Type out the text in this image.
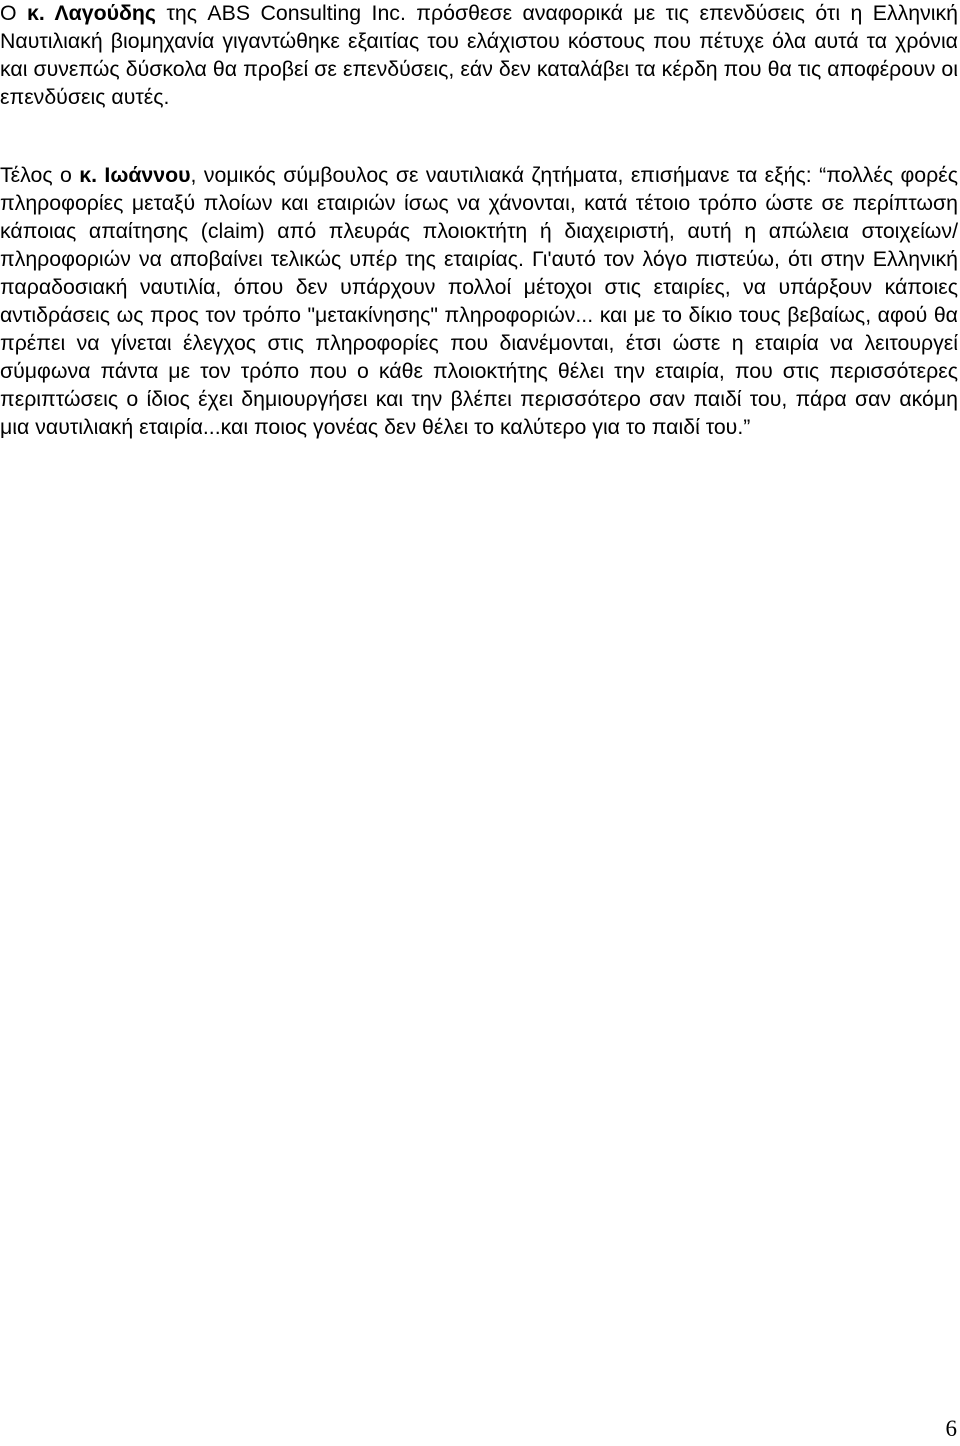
Ο κ. Λαγούδης της ABS Consulting Inc. πρόσθεσε αναφορικά με τις επενδύσεις ότι η Ελληνική Ναυτιλιακή βιομηχανία γιγαντώθηκε εξαιτίας του ελάχιστου κόστους που πέτυχε όλα αυτά τα χρόνια και συνεπώς δύσκολα θα προβεί σε επενδύσεις, εάν δεν καταλάβει τα κέρδη που θα τις αποφέρουν οι επενδύσεις αυτές.

Τέλος ο κ. Ιωάννου, νομικός σύμβουλος σε ναυτιλιακά ζητήματα, επισήμανε τα εξής: “πολλές φορές πληροφορίες μεταξύ πλοίων και εταιριών ίσως να χάνονται, κατά τέτοιο τρόπο ώστε σε περίπτωση κάποιας απαίτησης (claim) από πλευράς πλοιοκτήτη ή διαχειριστή, αυτή η απώλεια στοιχείων/πληροφοριών να αποβαίνει τελικώς υπέρ της εταιρίας. Γι'αυτό τον λόγο πιστεύω, ότι στην Ελληνική παραδοσιακή ναυτιλία, όπου δεν υπάρχουν πολλοί μέτοχοι στις εταιρίες, να υπάρξουν κάποιες αντιδράσεις ως προς τον τρόπο "μετακίνησης" πληροφοριών... και με το δίκιο τους βεβαίως, αφού θα πρέπει να γίνεται έλεγχος στις πληροφορίες που διανέμονται, έτσι ώστε η εταιρία να λειτουργεί σύμφωνα πάντα με τον τρόπο που ο κάθε πλοιοκτήτης θέλει την εταιρία, που στις περισσότερες περιπτώσεις ο ίδιος έχει δημιουργήσει και την βλέπει περισσότερο σαν παιδί του, πάρα σαν ακόμη μια ναυτιλιακή εταιρία...και ποιος γονέας δεν θέλει το καλύτερο για το παιδί του.”

6
